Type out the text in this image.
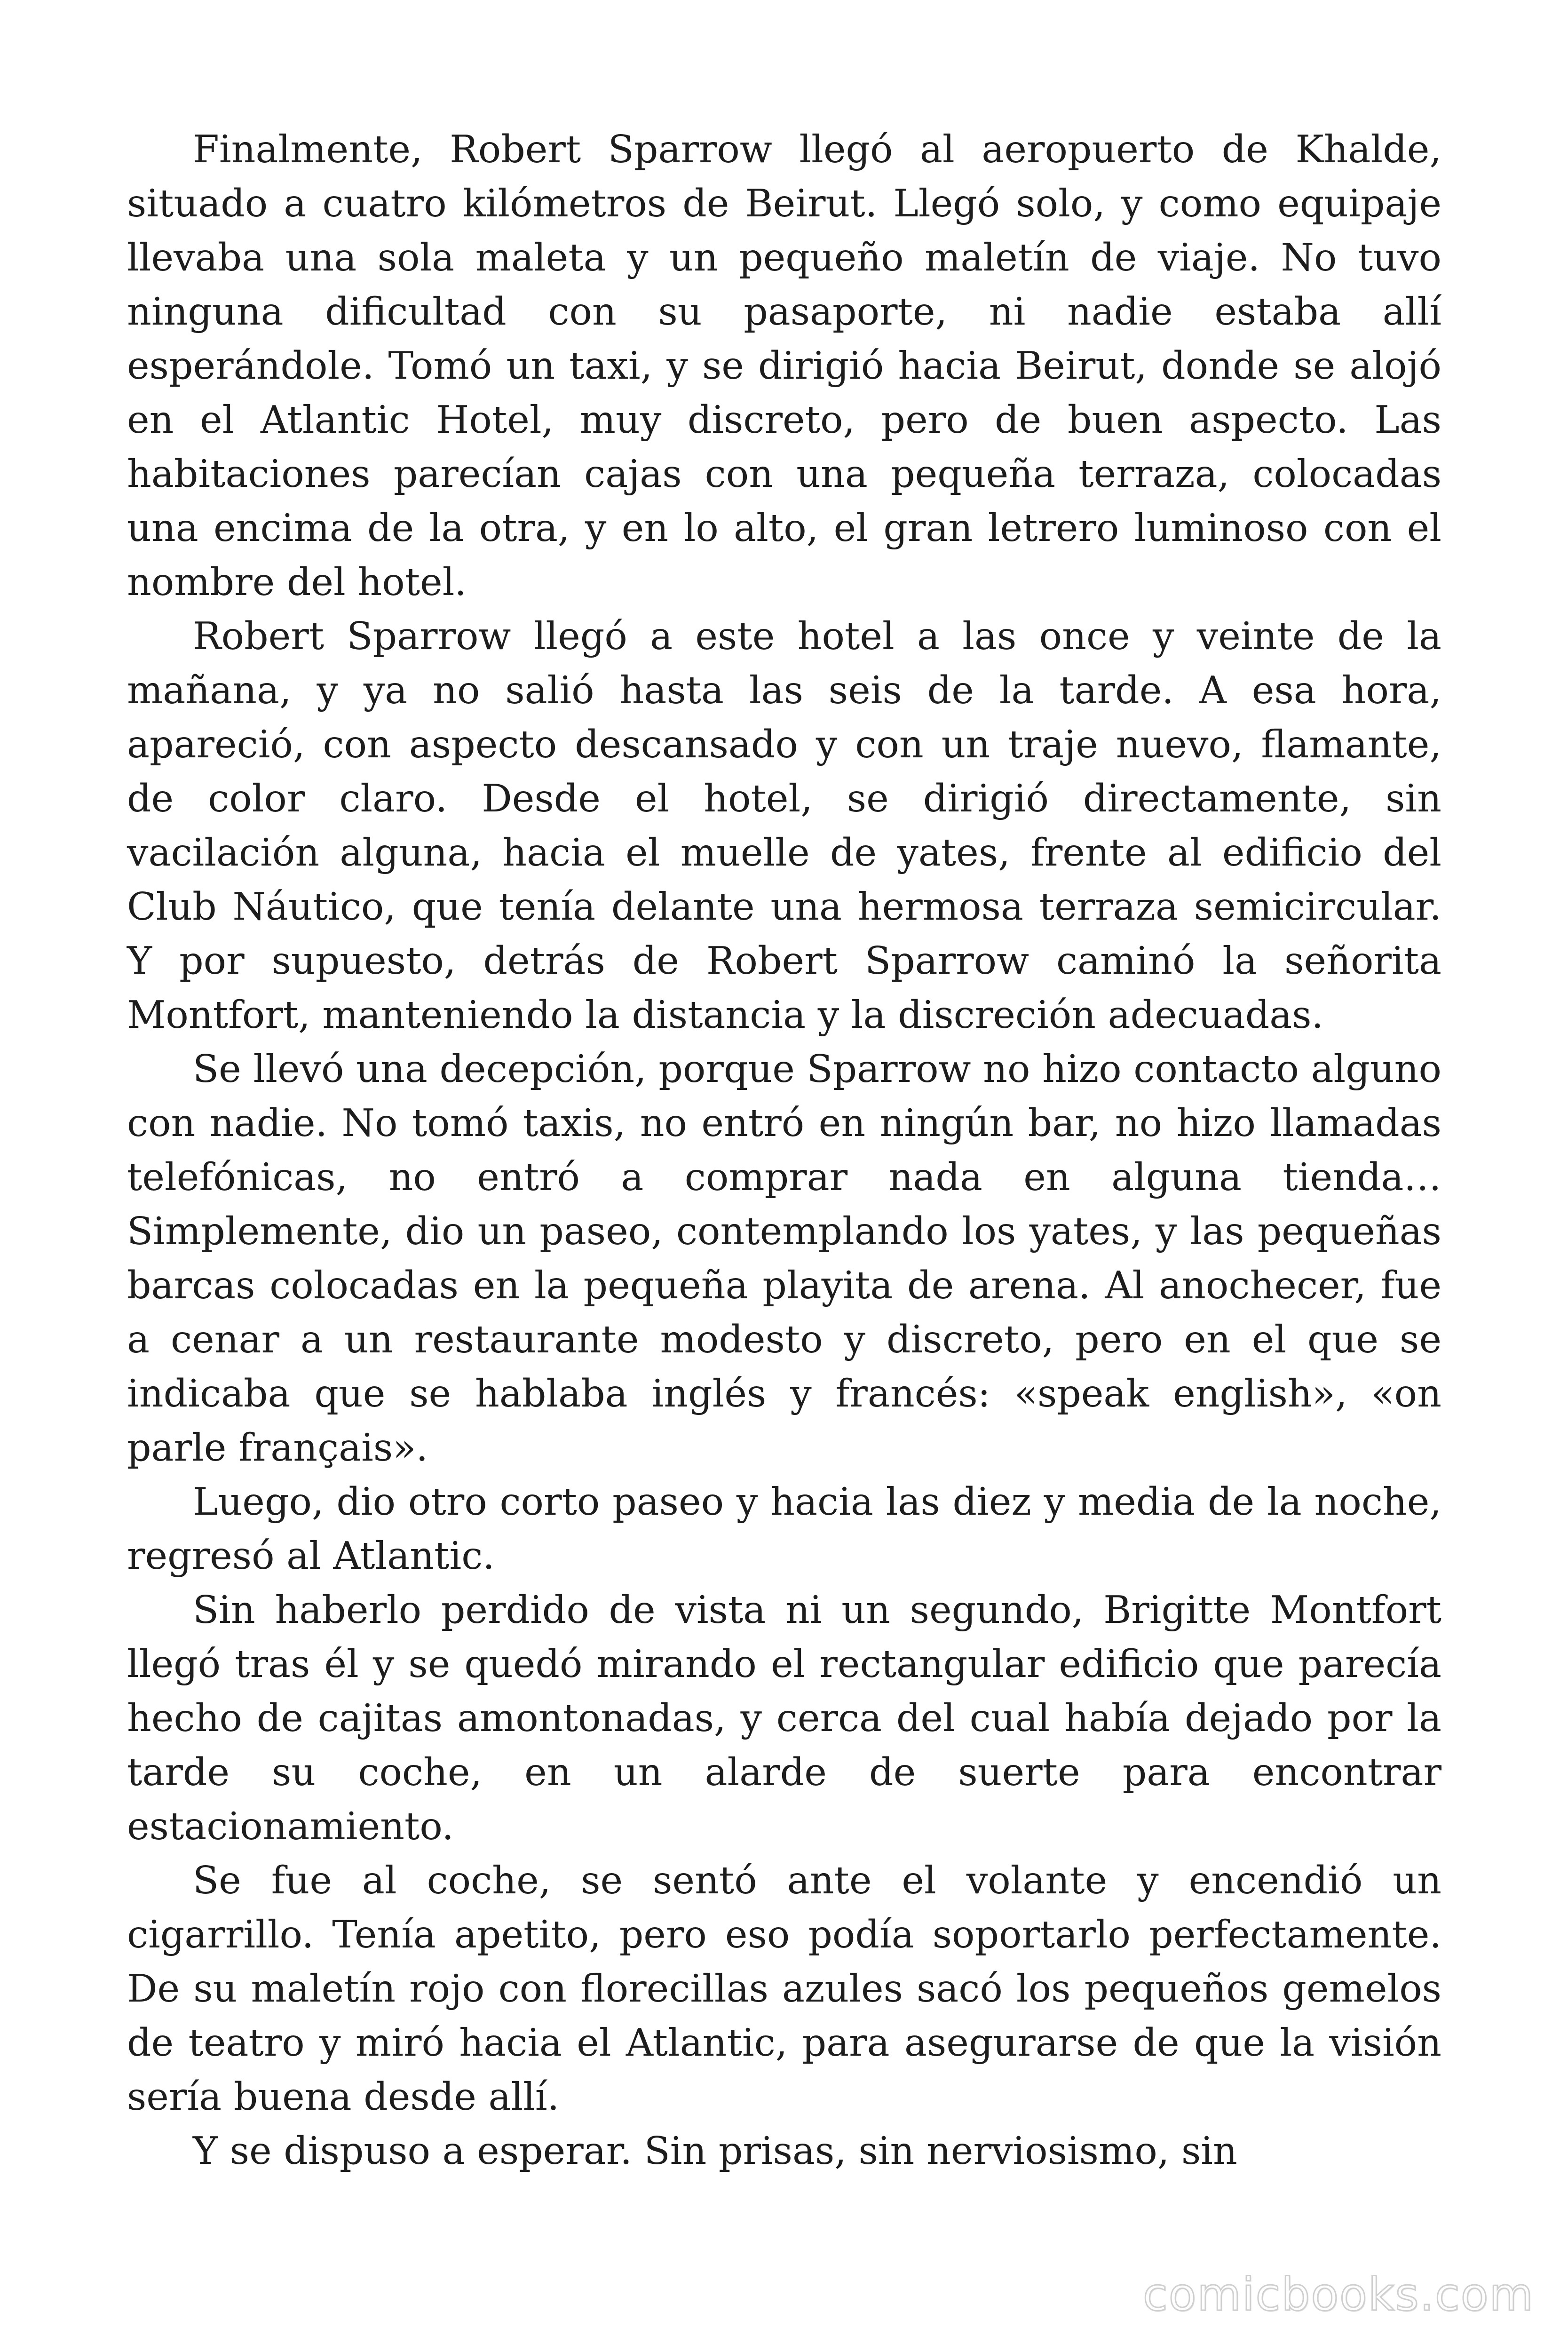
Finalmente, Robert Sparrow llegó al aeropuerto de Khalde, situado a cuatro kilómetros de Beirut. Llegó solo, y como equipaje llevaba una sola maleta y un pequeño maletín de viaje. No tuvo ninguna dificultad con su pasaporte, ni nadie estaba allí esperándole. Tomó un taxi, y se dirigió hacia Beirut, donde se alojó en el Atlantic Hotel, muy discreto, pero de buen aspecto. Las habitaciones parecían cajas con una pequeña terraza, colocadas una encima de la otra, y en lo alto, el gran letrero luminoso con el nombre del hotel.

Robert Sparrow llegó a este hotel a las once y veinte de la mañana, y ya no salió hasta las seis de la tarde. A esa hora, apareció, con aspecto descansado y con un traje nuevo, flamante, de color claro. Desde el hotel, se dirigió directamente, sin vacilación alguna, hacia el muelle de yates, frente al edificio del Club Náutico, que tenía delante una hermosa terraza semicircular. Y por supuesto, detrás de Robert Sparrow caminó la señorita Montfort, manteniendo la distancia y la discreción adecuadas.

Se llevó una decepción, porque Sparrow no hizo contacto alguno con nadie. No tomó taxis, no entró en ningún bar, no hizo llamadas telefónicas, no entró a comprar nada en alguna tienda… Simplemente, dio un paseo, contemplando los yates, y las pequeñas barcas colocadas en la pequeña playita de arena. Al anochecer, fue a cenar a un restaurante modesto y discreto, pero en el que se indicaba que se hablaba inglés y francés: «speak english», «on parle français».

Luego, dio otro corto paseo y hacia las diez y media de la noche, regresó al Atlantic.

Sin haberlo perdido de vista ni un segundo, Brigitte Montfort llegó tras él y se quedó mirando el rectangular edificio que parecía hecho de cajitas amontonadas, y cerca del cual había dejado por la tarde su coche, en un alarde de suerte para encontrar estacionamiento.

Se fue al coche, se sentó ante el volante y encendió un cigarrillo. Tenía apetito, pero eso podía soportarlo perfectamente. De su maletín rojo con florecillas azules sacó los pequeños gemelos de teatro y miró hacia el Atlantic, para asegurarse de que la visión sería buena desde allí.

Y se dispuso a esperar. Sin prisas, sin nerviosismo, sin

comicbooks.com
